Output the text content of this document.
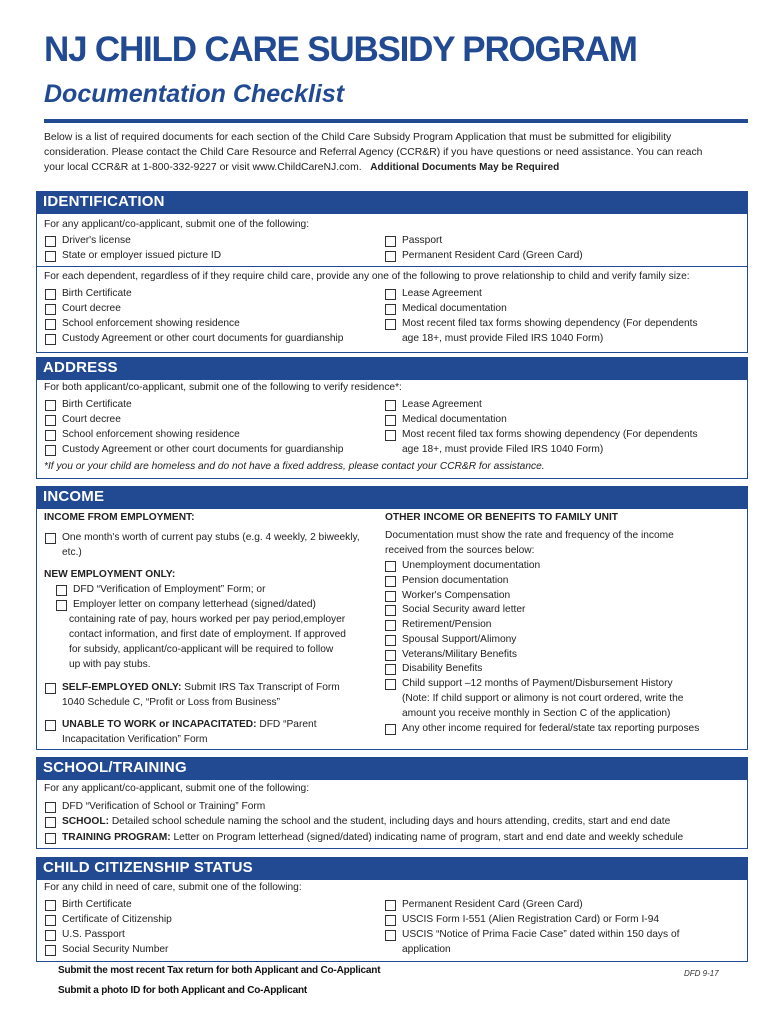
NJ CHILD CARE SUBSIDY PROGRAM
Documentation Checklist
Below is a list of required documents for each section of the Child Care Subsidy Program Application that must be submitted for eligibility
consideration. Please contact the Child Care Resource and Referral Agency (CCR&R) if you have questions or need assistance. You can reach
your local CCR&R at 1-800-332-9227 or visit www.ChildCareNJ.com. Additional Documents May be Required
IDENTIFICATION
For any applicant/co-applicant, submit one of the following:
Driver's license
State or employer issued picture ID
Passport
Permanent Resident Card (Green Card)
For each dependent, regardless of if they require child care, provide any one of the following to prove relationship to child and verify family size:
Birth Certificate
Court decree
School enforcement showing residence
Custody Agreement or other court documents for guardianship
Lease Agreement
Medical documentation
Most recent filed tax forms showing dependency (For dependents
age 18+, must provide Filed IRS 1040 Form)
ADDRESS
For both applicant/co-applicant, submit one of the following to verify residence*:
Birth Certificate
Court decree
School enforcement showing residence
Custody Agreement or other court documents for guardianship
Lease Agreement
Medical documentation
Most recent filed tax forms showing dependency (For dependents
age 18+, must provide Filed IRS 1040 Form)
*If you or your child are homeless and do not have a fixed address, please contact your CCR&R for assistance.
INCOME
INCOME FROM EMPLOYMENT:
One month's worth of current pay stubs (e.g. 4 weekly, 2 biweekly,
etc.)
NEW EMPLOYMENT ONLY:
DFD “Verification of Employment” Form; or
Employer letter on company letterhead (signed/dated)
containing rate of pay, hours worked per pay period,employer
contact information, and first date of employment. If approved
for subsidy, applicant/co-applicant will be required to follow
up with pay stubs.
SELF-EMPLOYED ONLY: Submit IRS Tax Transcript of Form
1040 Schedule C, “Profit or Loss from Business”
UNABLE TO WORK or INCAPACITATED: DFD “Parent
Incapacitation Verification” Form
OTHER INCOME OR BENEFITS TO FAMILY UNIT
Documentation must show the rate and frequency of the income
received from the sources below:
Unemployment documentation
Pension documentation
Worker's Compensation
Social Security award letter
Retirement/Pension
Spousal Support/Alimony
Veterans/Military Benefits
Disability Benefits
Child support –12 months of Payment/Disbursement History
(Note: If child support or alimony is not court ordered, write the
amount you receive monthly in Section C of the application)
Any other income required for federal/state tax reporting purposes
SCHOOL/TRAINING
For any applicant/co-applicant, submit one of the following:
DFD “Verification of School or Training” Form
SCHOOL: Detailed school schedule naming the school and the student, including days and hours attending, credits, start and end date
TRAINING PROGRAM: Letter on Program letterhead (signed/dated) indicating name of program, start and end date and weekly schedule
CHILD CITIZENSHIP STATUS
For any child in need of care, submit one of the following:
Birth Certificate
Certificate of Citizenship
U.S. Passport
Social Security Number
Permanent Resident Card (Green Card)
USCIS Form I-551 (Alien Registration Card) or Form I-94
USCIS “Notice of Prima Facie Case” dated within 150 days of
application
Submit the most recent Tax return for both Applicant and Co-Applicant
Submit a photo ID for both Applicant and Co-Applicant
DFD 9-17
